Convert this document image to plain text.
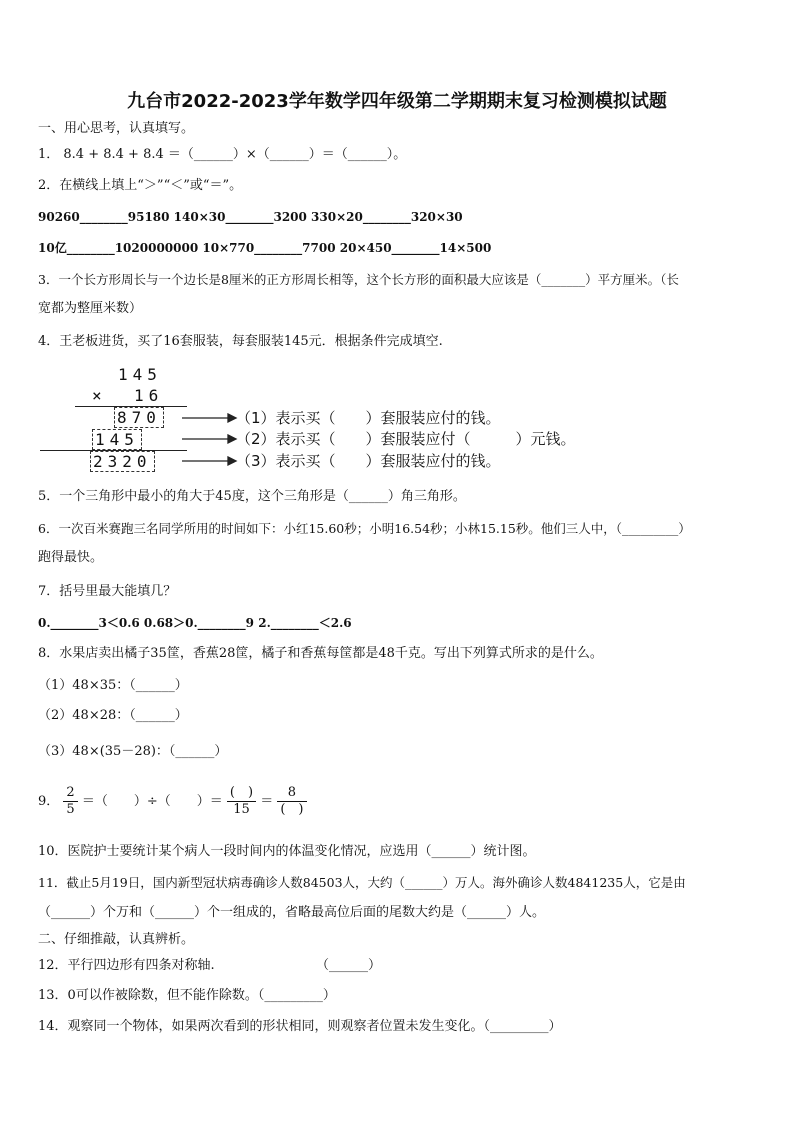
九台市2022-2023学年数学四年级第二学期期末复习检测模拟试题
一、用心思考，认真填写。
1． 8.4 + 8.4 + 8.4 ＝（______）×（______）＝（______）。
2．在横线上填上“＞”“＜”或“＝”。
90260________95180 140×30________3200 330×20________320×30
10亿________1020000000 10×770________7700 20×450________14×500
3．一个长方形周长与一个边长是8厘米的正方形周长相等，这个长方形的面积最大应该是（_______）平方厘米。（长
宽都为整厘米数）
4．王老板进货，买了16套服装，每套服装145元．根据条件完成填空.
145
× 16
870
145
2320
（1）表示买（　　）套服装应付的钱。
（2）表示买（　　）套服装应付（　　　）元钱。
（3）表示买（　　）套服装应付的钱。
5．一个三角形中最小的角大于45度，这个三角形是（______）角三角形。
6．一次百米赛跑三名同学所用的时间如下：小红15.60秒；小明16.54秒；小林15.15秒。他们三人中，（_________）
跑得最快。
7．括号里最大能填几？
0.________3＜0.6 0.68＞0.________9 2.________＜2.6
8．水果店卖出橘子35筐，香蕉28筐，橘子和香蕉每筐都是48千克。写出下列算式所求的是什么。
（1）48×35：（______）
（2）48×28：（______）
（3）48×(35－28)：（______）
9． $\frac{2}{5}$ ＝（　　）÷（　　）＝ $\frac{( )}{15} = \frac{8}{( )}$
10．医院护士要统计某个病人一段时间内的体温变化情况，应选用（______）统计图。
11．截止5月19日，国内新型冠状病毒确诊人数84503人，大约（______）万人。海外确诊人数4841235人，它是由
（______）个万和（______）个一组成的，省略最高位后面的尾数大约是（______）人。
二、仔细推敲，认真辨析。
12．平行四边形有四条对称轴.	（______）
13．0可以作被除数，但不能作除数。（_________）
14．观察同一个物体，如果两次看到的形状相同，则观察者位置未发生变化。（_________）
